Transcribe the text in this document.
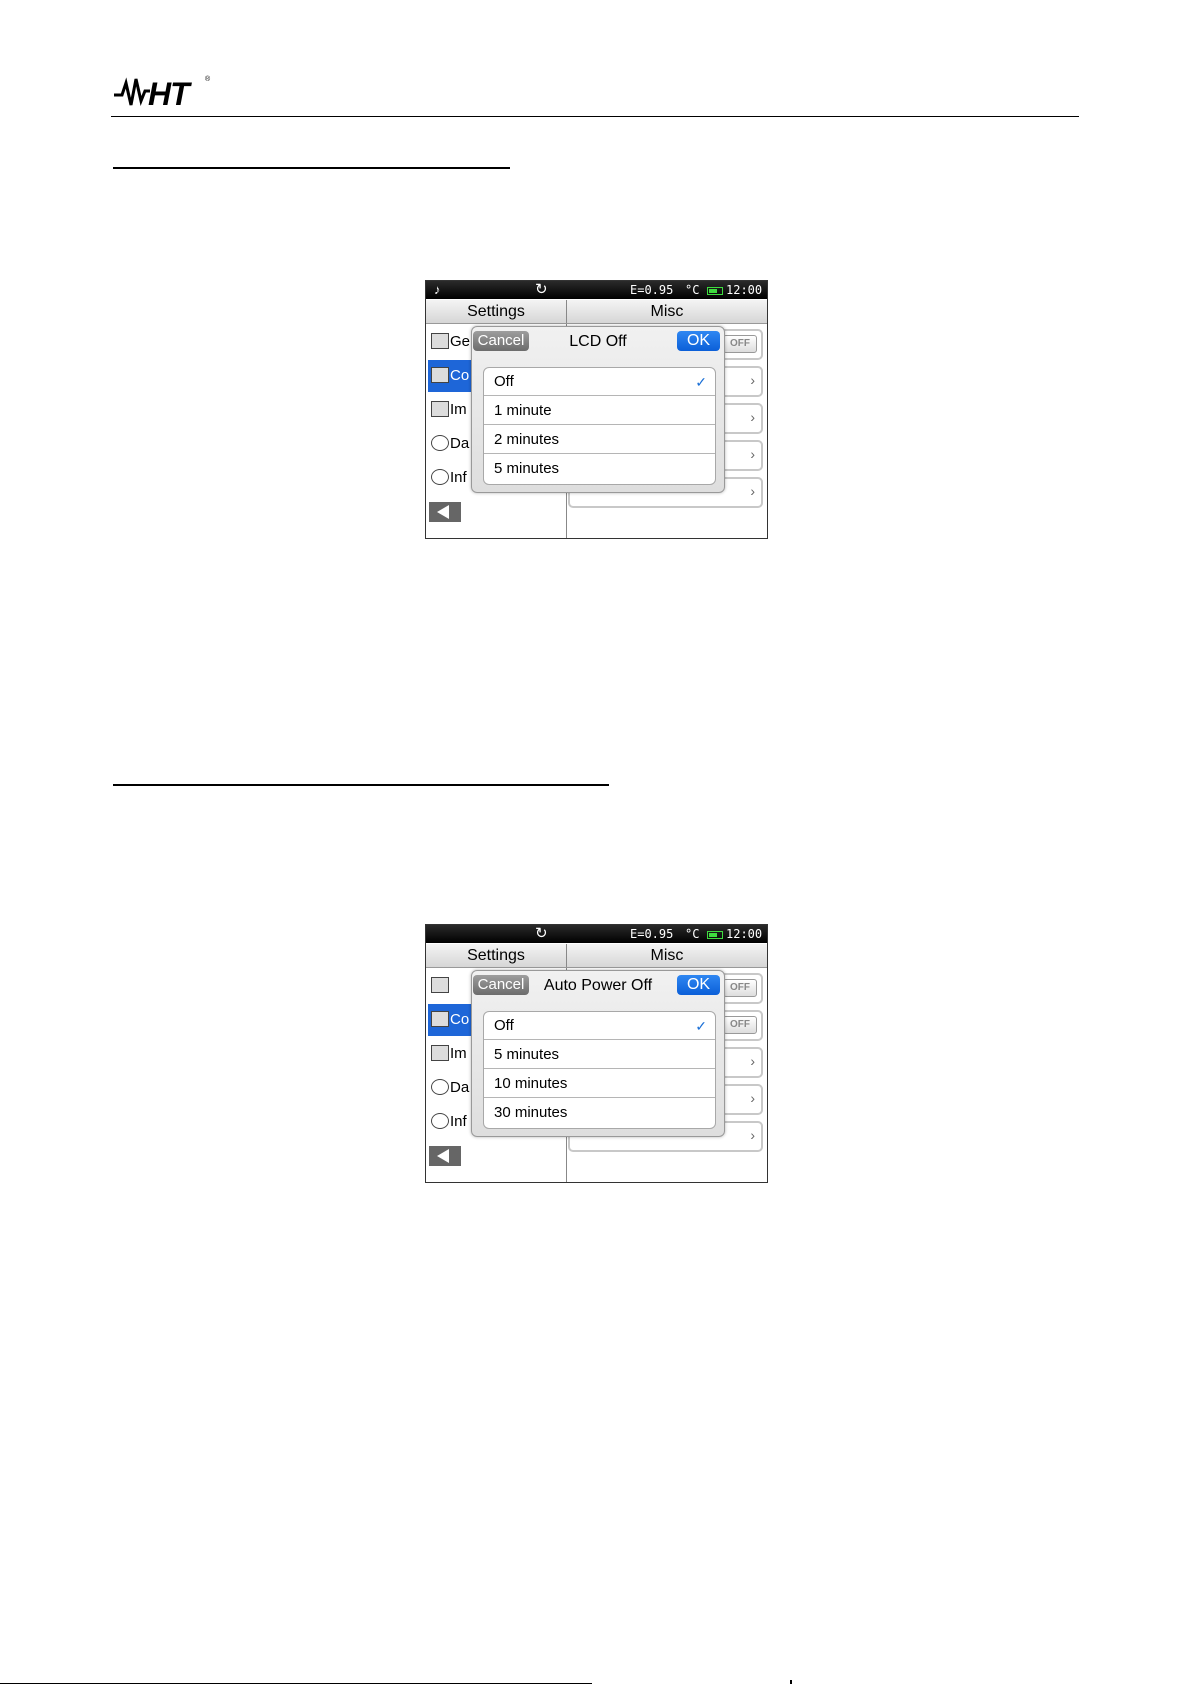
HT ®
♪	↻	E=0.95 °C 12:00
Settings	Misc
Ge
Co
Im
Da
Inf
OFF
›
›
›
›
Cancel	LCD Off	OK
Off	✓
1 minute
2 minutes
5 minutes
↻	E=0.95 °C 12:00
Settings	Misc
Co
Im
Da
Inf
OFF
OFF
›
›
›
Cancel	Auto Power Off	OK
Off	✓
5 minutes
10 minutes
30 minutes
